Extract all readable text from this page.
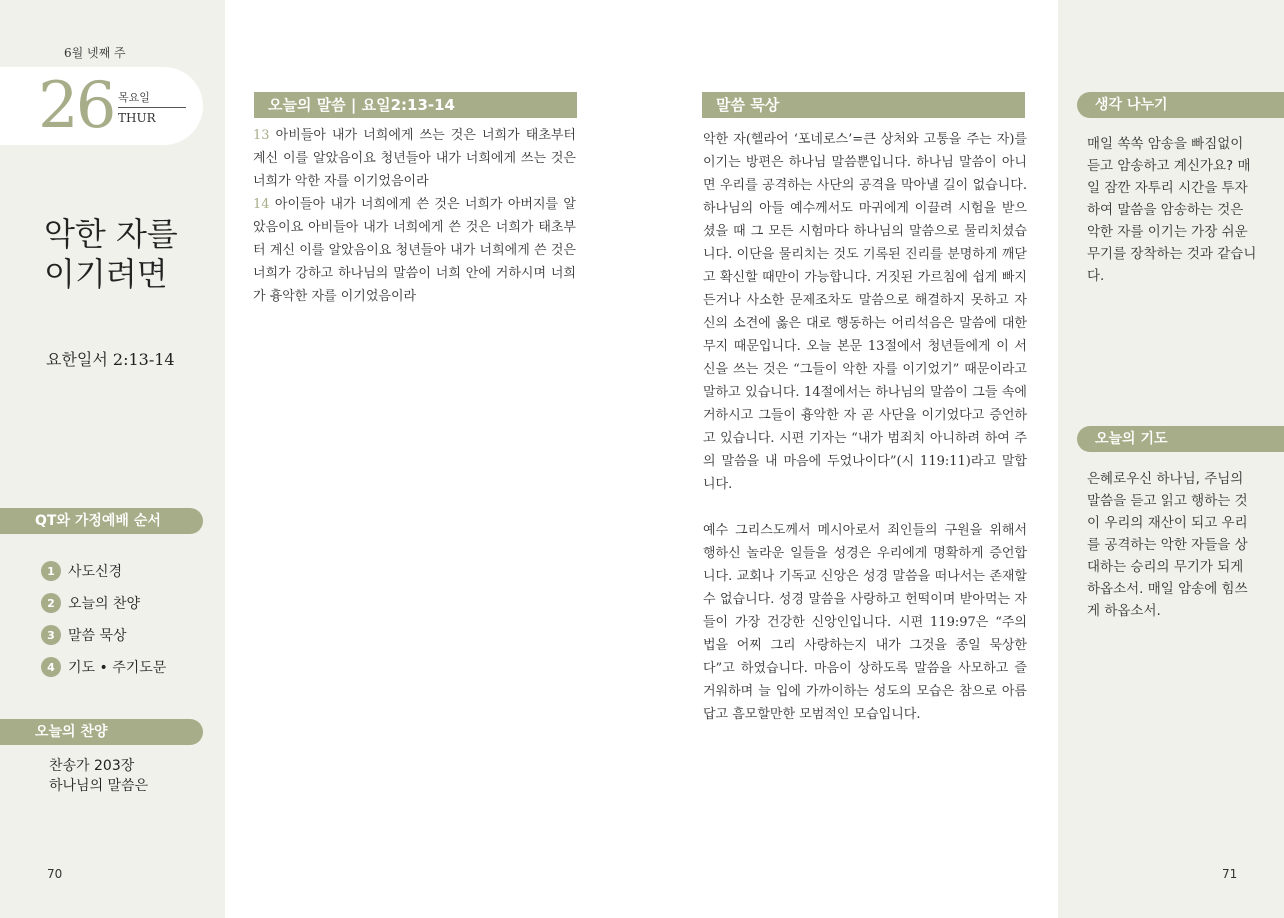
6월 넷째 주
26 목요일
THUR
악한 자를
이기려면
요한일서 2:13-14
QT와 가정예배 순서
1 사도신경
2 오늘의 찬양
3 말씀 묵상
4 기도 • 주기도문
오늘의 찬양
찬송가 203장
하나님의 말씀은
70
오늘의 말씀 | 요일2:13-14

13 아비들아 내가 너희에게 쓰는 것은 너희가 태초부터 계신 이를 알았음이요 청년들아 내가 너희에게 쓰는 것은 너희가 악한 자를 이기었음이라

14 아이들아 내가 너희에게 쓴 것은 너희가 아버지를 알았음이요 아비들아 내가 너희에게 쓴 것은 너희가 태초부터 계신 이를 알았음이요 청년들아 내가 너희에게 쓴 것은 너희가 강하고 하나님의 말씀이 너희 안에 거하시며 너희가 흉악한 자를 이기었음이라

말씀 묵상

악한 자(헬라어 ‘포네로스’=큰 상처와 고통을 주는 자)를 이기는 방편은 하나님 말씀뿐입니다. 하나님 말씀이 아니면 우리를 공격하는 사단의 공격을 막아낼 길이 없습니다. 하나님의 아들 예수께서도 마귀에게 이끌려 시험을 받으셨을 때 그 모든 시험마다 하나님의 말씀으로 물리치셨습니다. 이단을 물리치는 것도 기록된 진리를 분명하게 깨닫고 확신할 때만이 가능합니다. 거짓된 가르침에 쉽게 빠지든거나 사소한 문제조차도 말씀으로 해결하지 못하고 자신의 소견에 옳은 대로 행동하는 어리석음은 말씀에 대한 무지 때문입니다. 오늘 본문 13절에서 청년들에게 이 서신을 쓰는 것은 “그들이 악한 자를 이기었기” 때문이라고 말하고 있습니다. 14절에서는 하나님의 말씀이 그들 속에 거하시고 그들이 흉악한 자 곧 사단을 이기었다고 증언하고 있습니다. 시편 기자는 “내가 범죄치 아니하려 하여 주의 말씀을 내 마음에 두었나이다”(시 119:11)라고 말합니다.

예수 그리스도께서 메시아로서 죄인들의 구원을 위해서 행하신 놀라운 일들을 성경은 우리에게 명확하게 증언합니다. 교회나 기독교 신앙은 성경 말씀을 떠나서는 존재할 수 없습니다. 성경 말씀을 사랑하고 헌떡이며 받아먹는 자들이 가장 건강한 신앙인입니다. 시편 119:97은 “주의 법을 어찌 그리 사랑하는지 내가 그것을 종일 묵상한다”고 하였습니다. 마음이 상하도록 말씀을 사모하고 즐거워하며 늘 입에 가까이하는 성도의 모습은 참으로 아름답고 흠모할만한 모범적인 모습입니다.

생각 나누기
매일 쏙쏙 암송을 빠짐없이 듣고 암송하고 계신가요? 매일 잠깐 자투리 시간을 투자하여 말씀을 암송하는 것은 악한 자를 이기는 가장 쉬운 무기를 장착하는 것과 같습니다.
오늘의 기도
은혜로우신 하나님, 주님의 말씀을 듣고 읽고 행하는 것이 우리의 재산이 되고 우리를 공격하는 악한 자들을 상대하는 승리의 무기가 되게 하옵소서. 매일 암송에 힘쓰게 하옵소서.
71
